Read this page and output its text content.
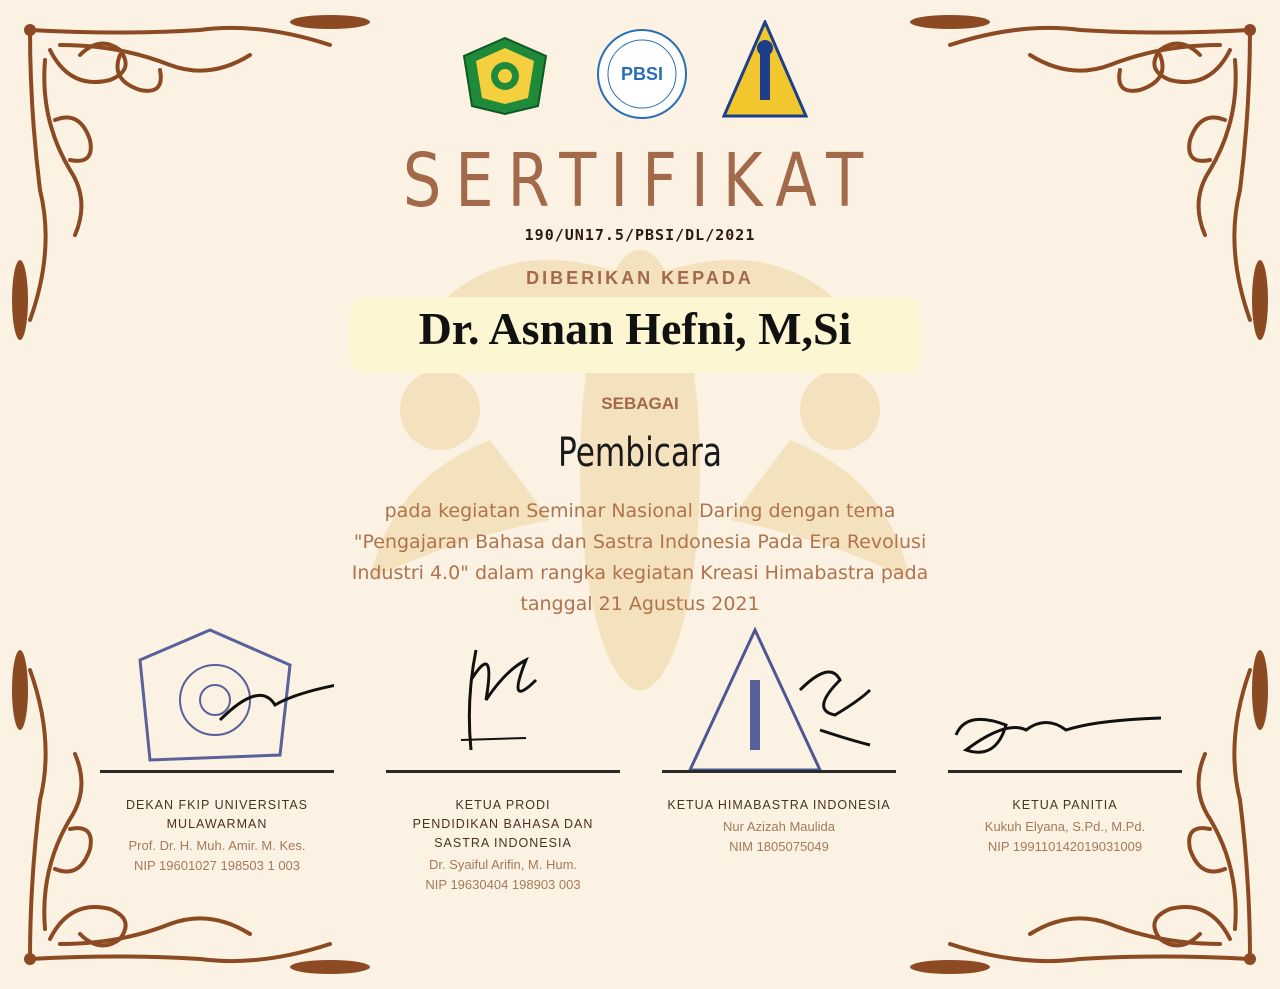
PBSI
SERTIFIKAT
190/UN17.5/PBSI/DL/2021
DIBERIKAN KEPADA
Dr. Asnan Hefni, M,Si
SEBAGAI
Pembicara
pada kegiatan Seminar Nasional Daring dengan tema
"Pengajaran Bahasa dan Sastra Indonesia Pada Era Revolusi
Industri 4.0" dalam rangka kegiatan Kreasi Himabastra pada
tanggal 21 Agustus 2021
DEKAN FKIP UNIVERSITAS
MULAWARMAN
Prof. Dr. H. Muh. Amir. M. Kes.
NIP 19601027 198503 1 003
KETUA PRODI
PENDIDIKAN BAHASA DAN
SASTRA INDONESIA
Dr. Syaiful Arifin, M. Hum.
NIP 19630404 198903 003
KETUA HIMABASTRA INDONESIA
Nur Azizah Maulida
NIM 1805075049
KETUA PANITIA
Kukuh Elyana, S.Pd., M.Pd.
NIP 199110142019031009
